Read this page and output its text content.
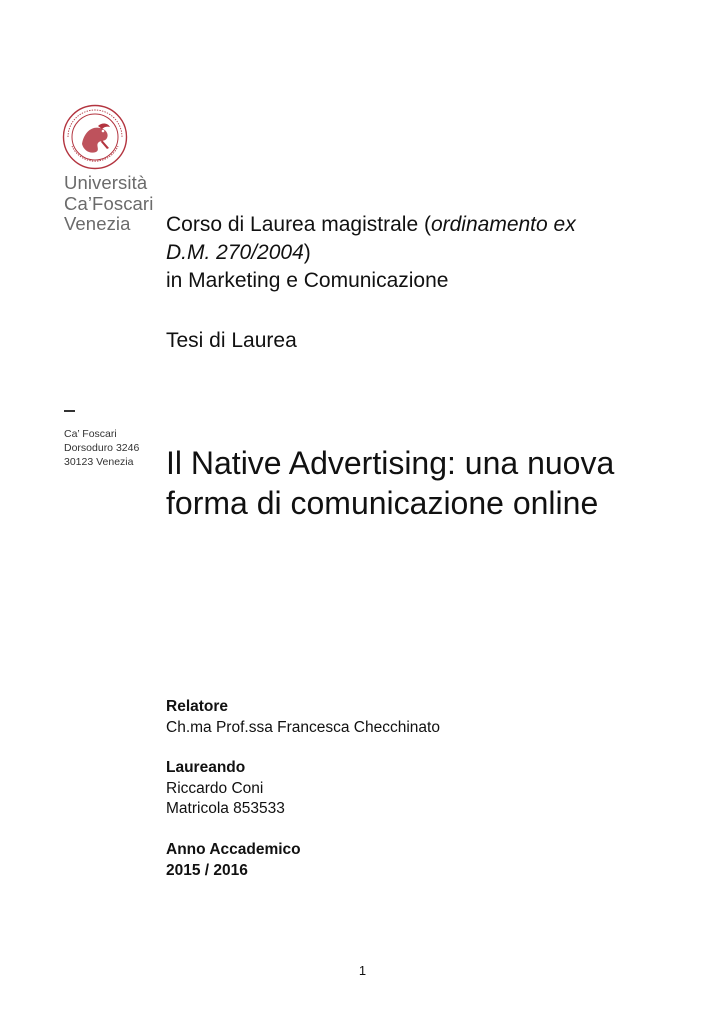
Università
Ca’Foscari
Venezia
Ca’ Foscari
Dorsoduro 3246
30123 Venezia
Corso di Laurea magistrale (ordinamento ex
D.M. 270/2004)
in Marketing e Comunicazione
Tesi di Laurea
Il Native Advertising: una nuova
forma di comunicazione online
Relatore
Ch.ma Prof.ssa Francesca Checchinato
Laureando
Riccardo Coni
Matricola 853533
Anno Accademico
2015 / 2016
1
